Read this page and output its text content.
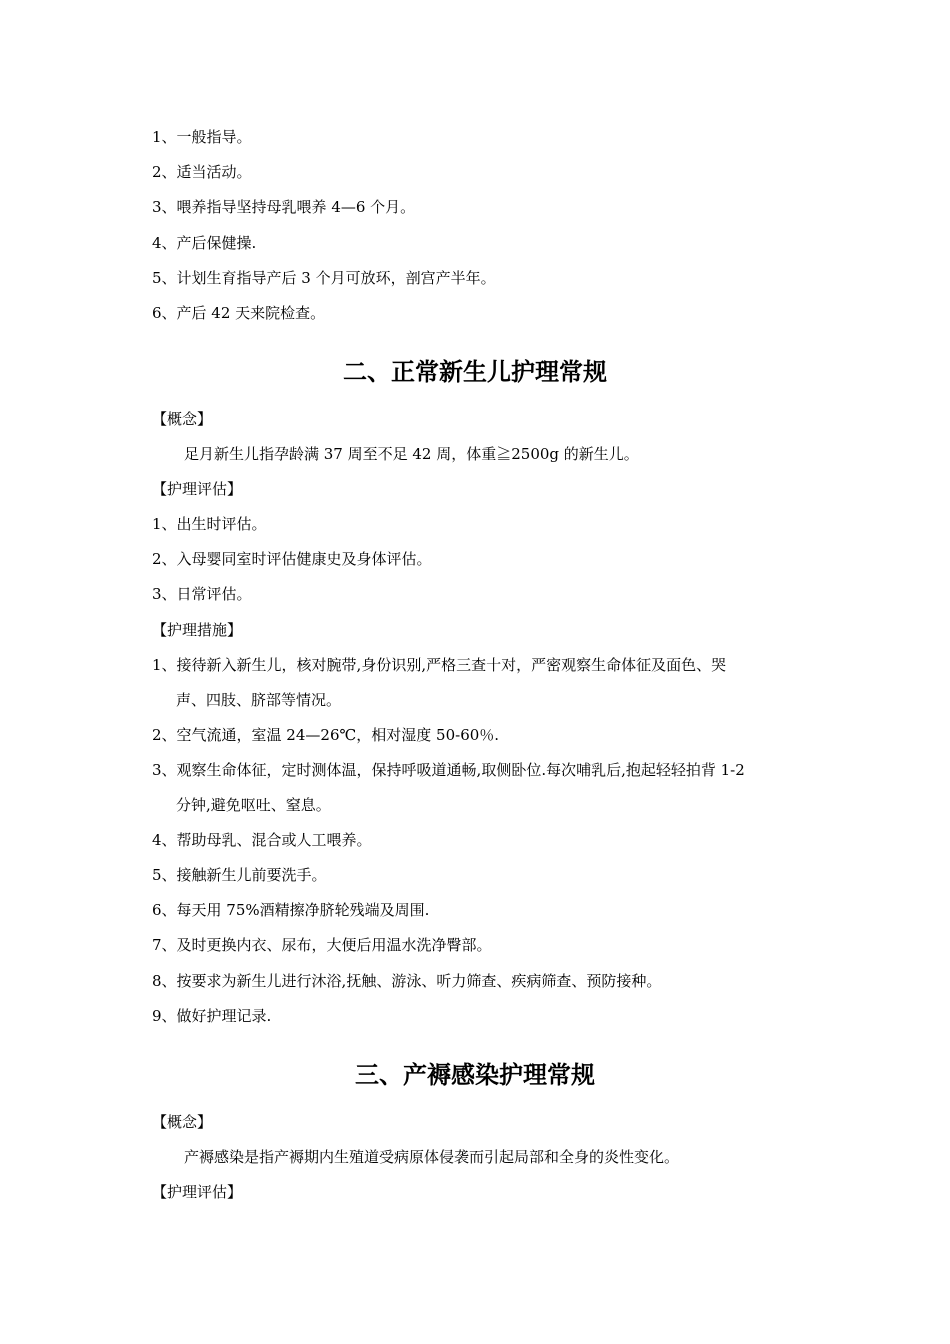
1、一般指导。

2、适当活动。

3、喂养指导坚持母乳喂养 4—6 个月。

4、产后保健操.

5、计划生育指导产后 3 个月可放环，剖宫产半年。

6、产后 42 天来院检查。

二、正常新生儿护理常规

【概念】

足月新生儿指孕龄满 37 周至不足 42 周，体重≧2500g 的新生儿。

【护理评估】

1、出生时评估。

2、入母婴同室时评估健康史及身体评估。

3、日常评估。

【护理措施】

1、接待新入新生儿，核对腕带,身份识别,严格三查十对，严密观察生命体征及面色、哭

声、四肢、脐部等情况。

2、空气流通，室温 24—26℃，相对湿度 50-60％.

3、观察生命体征，定时测体温，保持呼吸道通畅,取侧卧位.每次哺乳后,抱起轻轻拍背 1-2

分钟,避免呕吐、窒息。

4、帮助母乳、混合或人工喂养。

5、接触新生儿前要洗手。

6、每天用 75%酒精擦净脐轮残端及周围.

7、及时更换内衣、尿布，大便后用温水洗净臀部。

8、按要求为新生儿进行沐浴,抚触、游泳、听力筛查、疾病筛查、预防接种。

9、做好护理记录.

三、产褥感染护理常规

【概念】

产褥感染是指产褥期内生殖道受病原体侵袭而引起局部和全身的炎性变化。

【护理评估】
